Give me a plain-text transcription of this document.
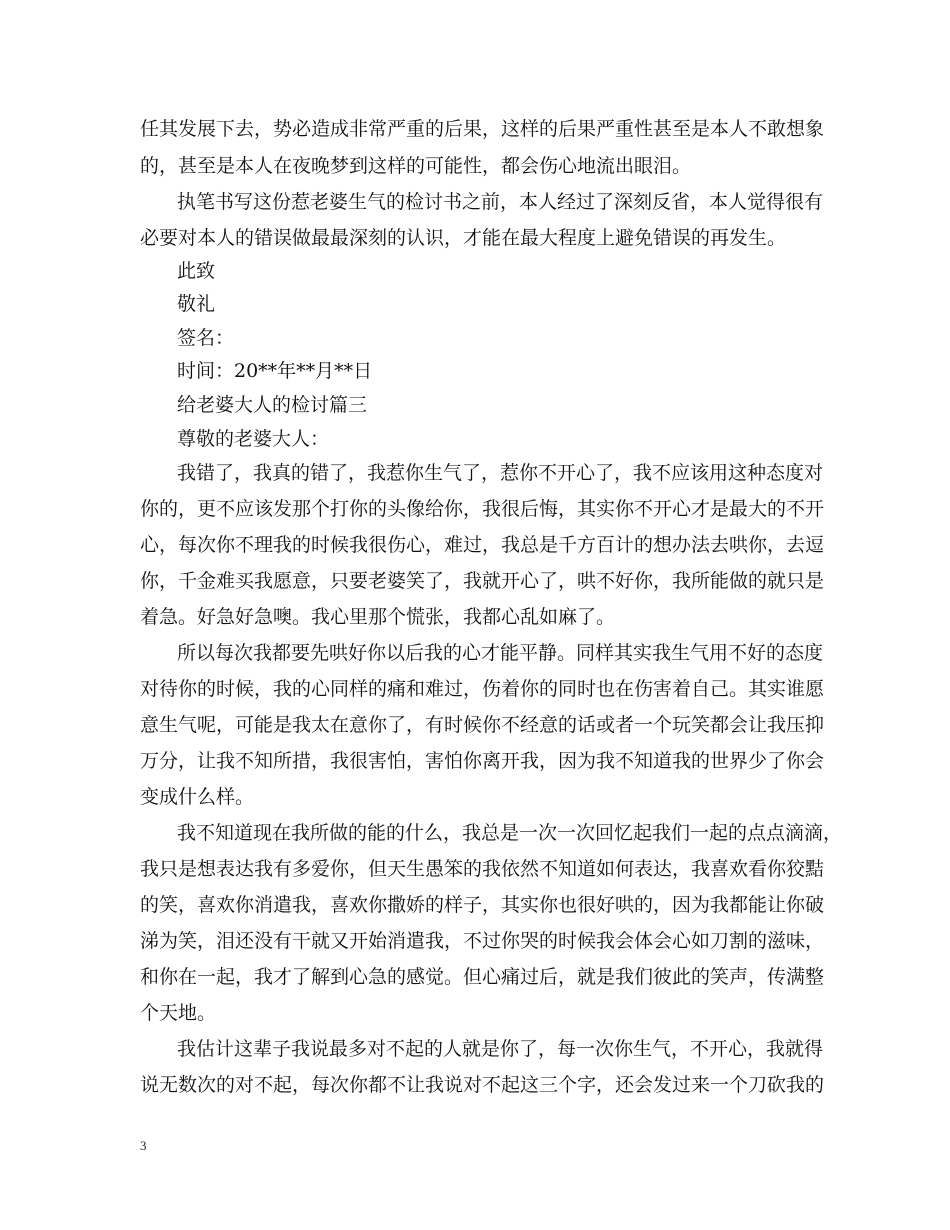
任其发展下去，势必造成非常严重的后果，这样的后果严重性甚至是本人不敢想象

的，甚至是本人在夜晚梦到这样的可能性，都会伤心地流出眼泪。

执笔书写这份惹老婆生气的检讨书之前，本人经过了深刻反省，本人觉得很有

必要对本人的错误做最最深刻的认识，才能在最大程度上避免错误的再发生。

此致

敬礼

签名：

时间：20**年**月**日

给老婆大人的检讨篇三

尊敬的老婆大人：

我错了，我真的错了，我惹你生气了，惹你不开心了，我不应该用这种态度对

你的，更不应该发那个打你的头像给你，我很后悔，其实你不开心才是最大的不开

心，每次你不理我的时候我很伤心，难过，我总是千方百计的想办法去哄你，去逗

你，千金难买我愿意，只要老婆笑了，我就开心了，哄不好你，我所能做的就只是

着急。好急好急噢。我心里那个慌张，我都心乱如麻了。

所以每次我都要先哄好你以后我的心才能平静。同样其实我生气用不好的态度

对待你的时候，我的心同样的痛和难过，伤着你的同时也在伤害着自己。其实谁愿

意生气呢，可能是我太在意你了，有时候你不经意的话或者一个玩笑都会让我压抑

万分，让我不知所措，我很害怕，害怕你离开我，因为我不知道我的世界少了你会

变成什么样。

我不知道现在我所做的能的什么，我总是一次一次回忆起我们一起的点点滴滴，

我只是想表达我有多爱你，但天生愚笨的我依然不知道如何表达，我喜欢看你狡黠

的笑，喜欢你消遣我，喜欢你撒娇的样子，其实你也很好哄的，因为我都能让你破

涕为笑，泪还没有干就又开始消遣我，不过你哭的时候我会体会心如刀割的滋味，

和你在一起，我才了解到心急的感觉。但心痛过后，就是我们彼此的笑声，传满整

个天地。

我估计这辈子我说最多对不起的人就是你了，每一次你生气，不开心，我就得

说无数次的对不起，每次你都不让我说对不起这三个字，还会发过来一个刀砍我的

3
